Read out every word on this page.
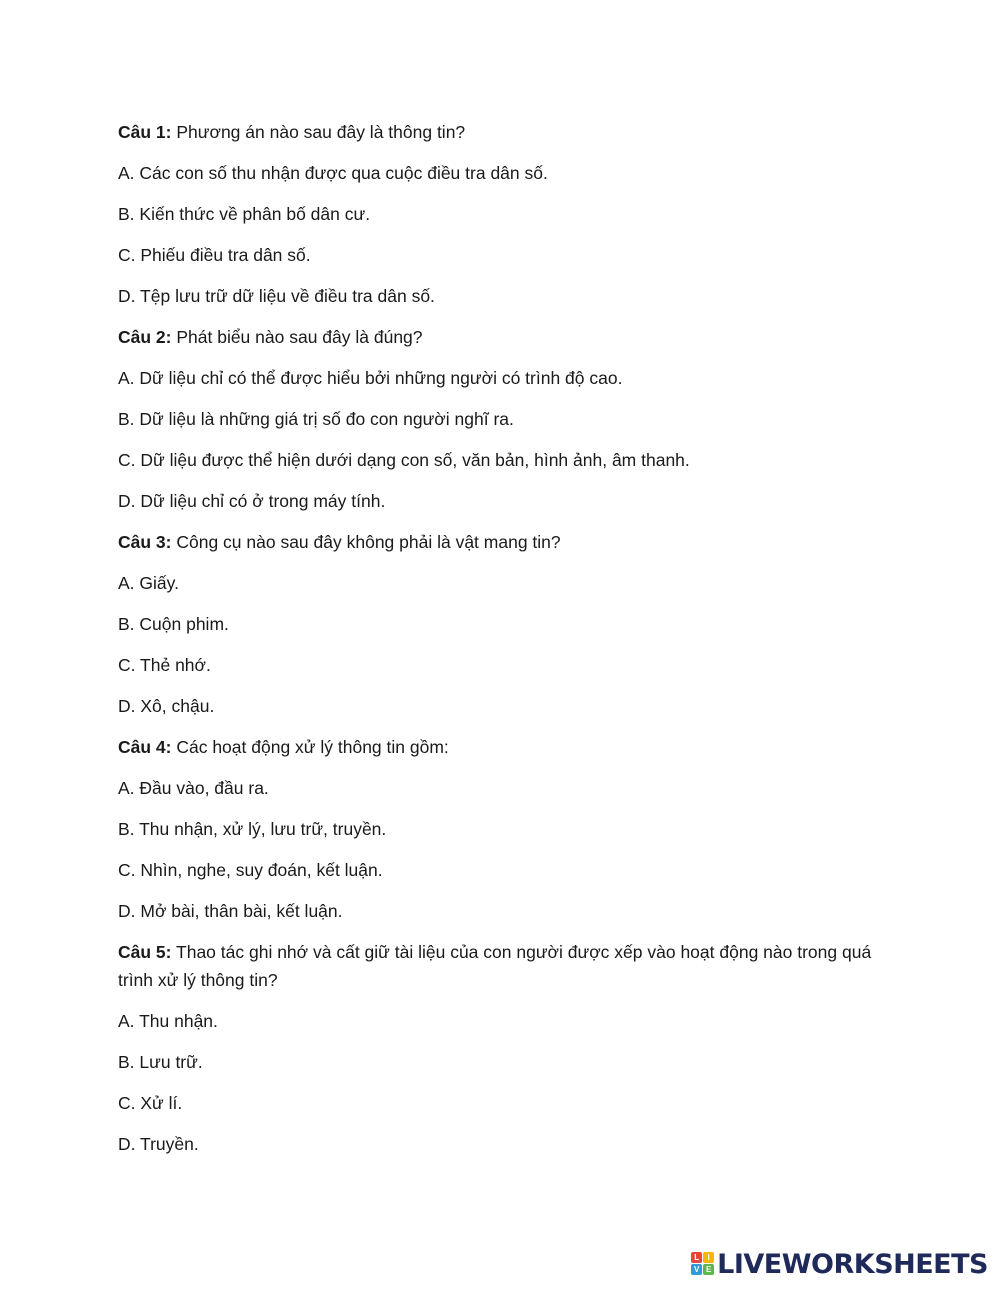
Câu 1: Phương án nào sau đây là thông tin?

A. Các con số thu nhận được qua cuộc điều tra dân số.

B. Kiến thức về phân bố dân cư.

C. Phiếu điều tra dân số.

D. Tệp lưu trữ dữ liệu về điều tra dân số.

Câu 2: Phát biểu nào sau đây là đúng?

A. Dữ liệu chỉ có thể được hiểu bởi những người có trình độ cao.

B. Dữ liệu là những giá trị số đo con người nghĩ ra.

C. Dữ liệu được thể hiện dưới dạng con số, văn bản, hình ảnh, âm thanh.

D. Dữ liệu chỉ có ở trong máy tính.

Câu 3: Công cụ nào sau đây không phải là vật mang tin?

A. Giấy.

B. Cuộn phim.

C. Thẻ nhớ.

D. Xô, chậu.

Câu 4: Các hoạt động xử lý thông tin gồm:

A. Đầu vào, đầu ra.

B. Thu nhận, xử lý, lưu trữ, truyền.

C. Nhìn, nghe, suy đoán, kết luận.

D. Mở bài, thân bài, kết luận.

Câu 5: Thao tác ghi nhớ và cất giữ tài liệu của con người được xếp vào hoạt động nào trong quá trình xử lý thông tin?

A. Thu nhận.

B. Lưu trữ.

C. Xử lí.

D. Truyền.

L	I
V E LIVEWORKSHEETS
